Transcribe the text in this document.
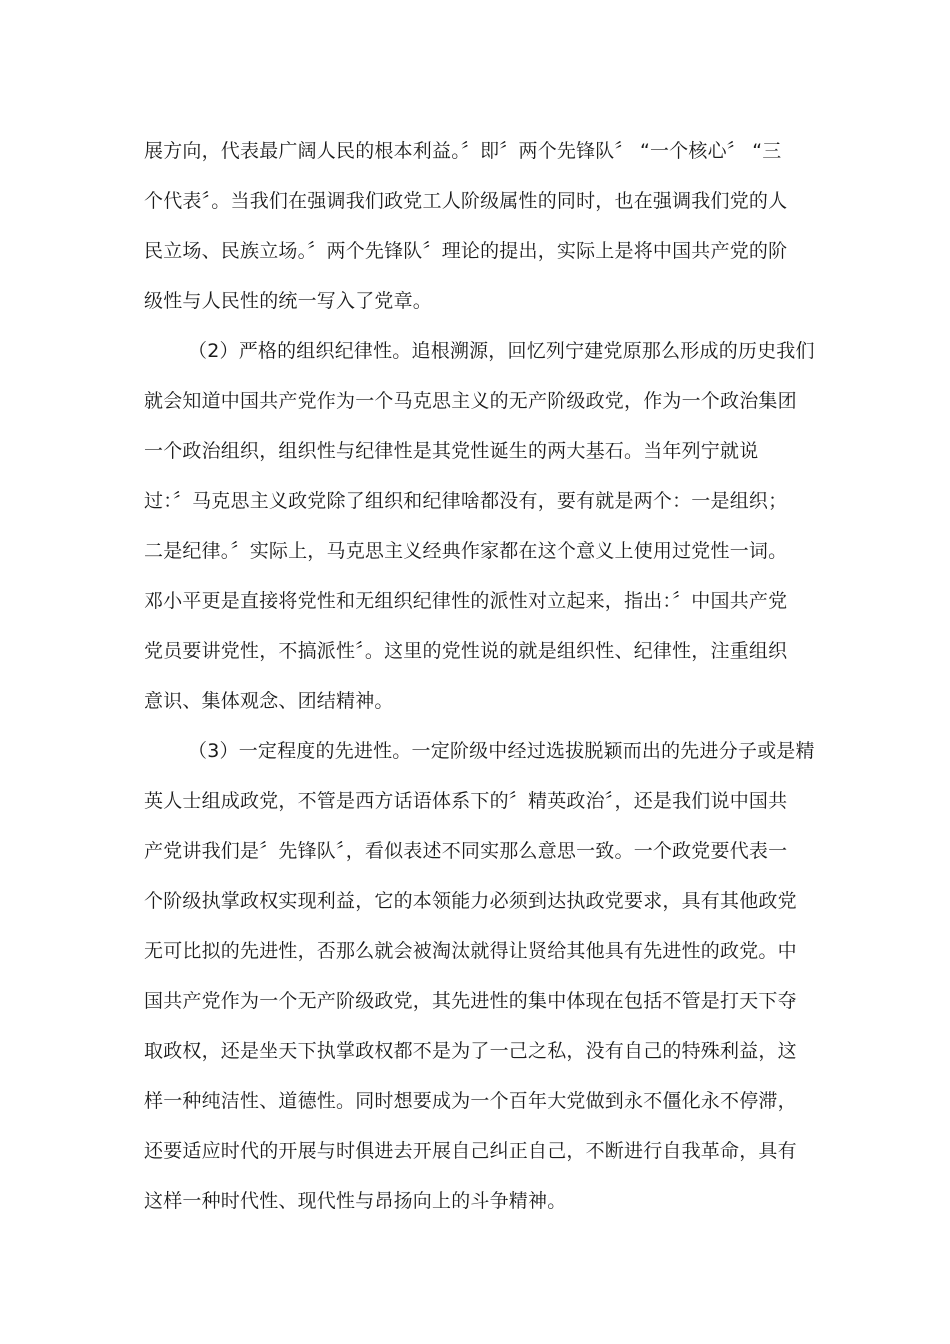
展方向，代表最广阔人民的根本利益。〞即〞两个先锋队〞 “一个核心〞 “三
个代表〞。当我们在强调我们政党工人阶级属性的同时，也在强调我们党的人
民立场、民族立场。〞两个先锋队〞理论的提出，实际上是将中国共产党的阶
级性与人民性的统一写入了党章。
（2）严格的组织纪律性。追根溯源，回忆列宁建党原那么形成的历史我们
就会知道中国共产党作为一个马克思主义的无产阶级政党，作为一个政治集团
一个政治组织，组织性与纪律性是其党性诞生的两大基石。当年列宁就说
过：〞马克思主义政党除了组织和纪律啥都没有，要有就是两个：一是组织；
二是纪律。〞实际上，马克思主义经典作家都在这个意义上使用过党性一词。
邓小平更是直接将党性和无组织纪律性的派性对立起来，指出：〞中国共产党
党员要讲党性，不搞派性〞。这里的党性说的就是组织性、纪律性，注重组织
意识、集体观念、团结精神。
（3）一定程度的先进性。一定阶级中经过选拔脱颖而出的先进分子或是精
英人士组成政党，不管是西方话语体系下的〞精英政治〞，还是我们说中国共
产党讲我们是〞先锋队〞，看似表述不同实那么意思一致。一个政党要代表一
个阶级执掌政权实现利益，它的本领能力必须到达执政党要求，具有其他政党
无可比拟的先进性，否那么就会被淘汰就得让贤给其他具有先进性的政党。中
国共产党作为一个无产阶级政党，其先进性的集中体现在包括不管是打天下夺
取政权，还是坐天下执掌政权都不是为了一己之私，没有自己的特殊利益，这
样一种纯洁性、道德性。同时想要成为一个百年大党做到永不僵化永不停滞，
还要适应时代的开展与时俱进去开展自己纠正自己，不断进行自我革命，具有
这样一种时代性、现代性与昂扬向上的斗争精神。
